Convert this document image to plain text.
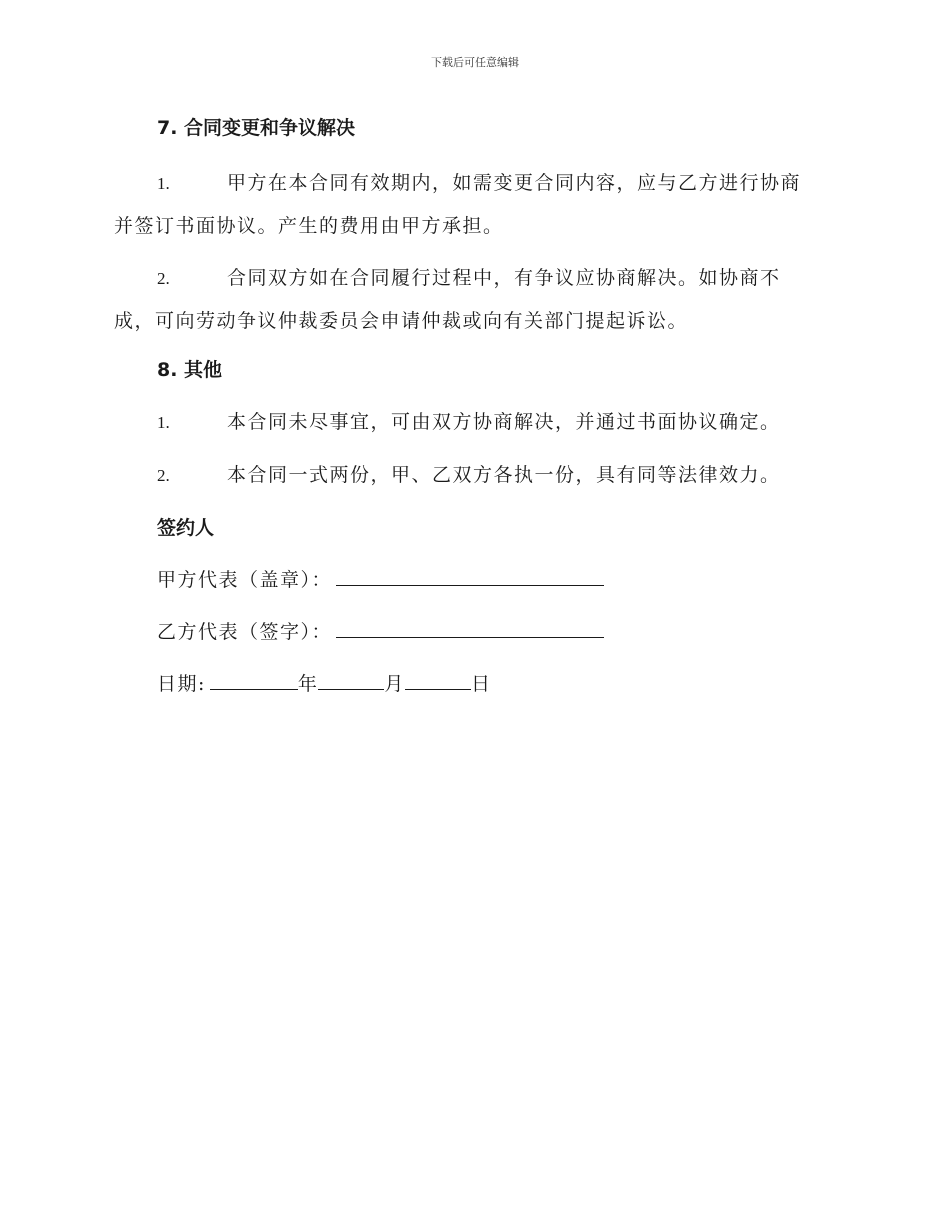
下载后可任意编辑
7. 合同变更和争议解决
1.	甲方在本合同有效期内，如需变更合同内容，应与乙方进行协商
并签订书面协议。产生的费用由甲方承担。
2.	合同双方如在合同履行过程中，有争议应协商解决。如协商不
成，可向劳动争议仲裁委员会申请仲裁或向有关部门提起诉讼。
8. 其他
1.	本合同未尽事宜，可由双方协商解决，并通过书面协议确定。
2.	本合同一式两份，甲、乙双方各执一份，具有同等法律效力。
签约人
甲方代表（盖章）：
乙方代表（签字）：
日期:	年	月	日
